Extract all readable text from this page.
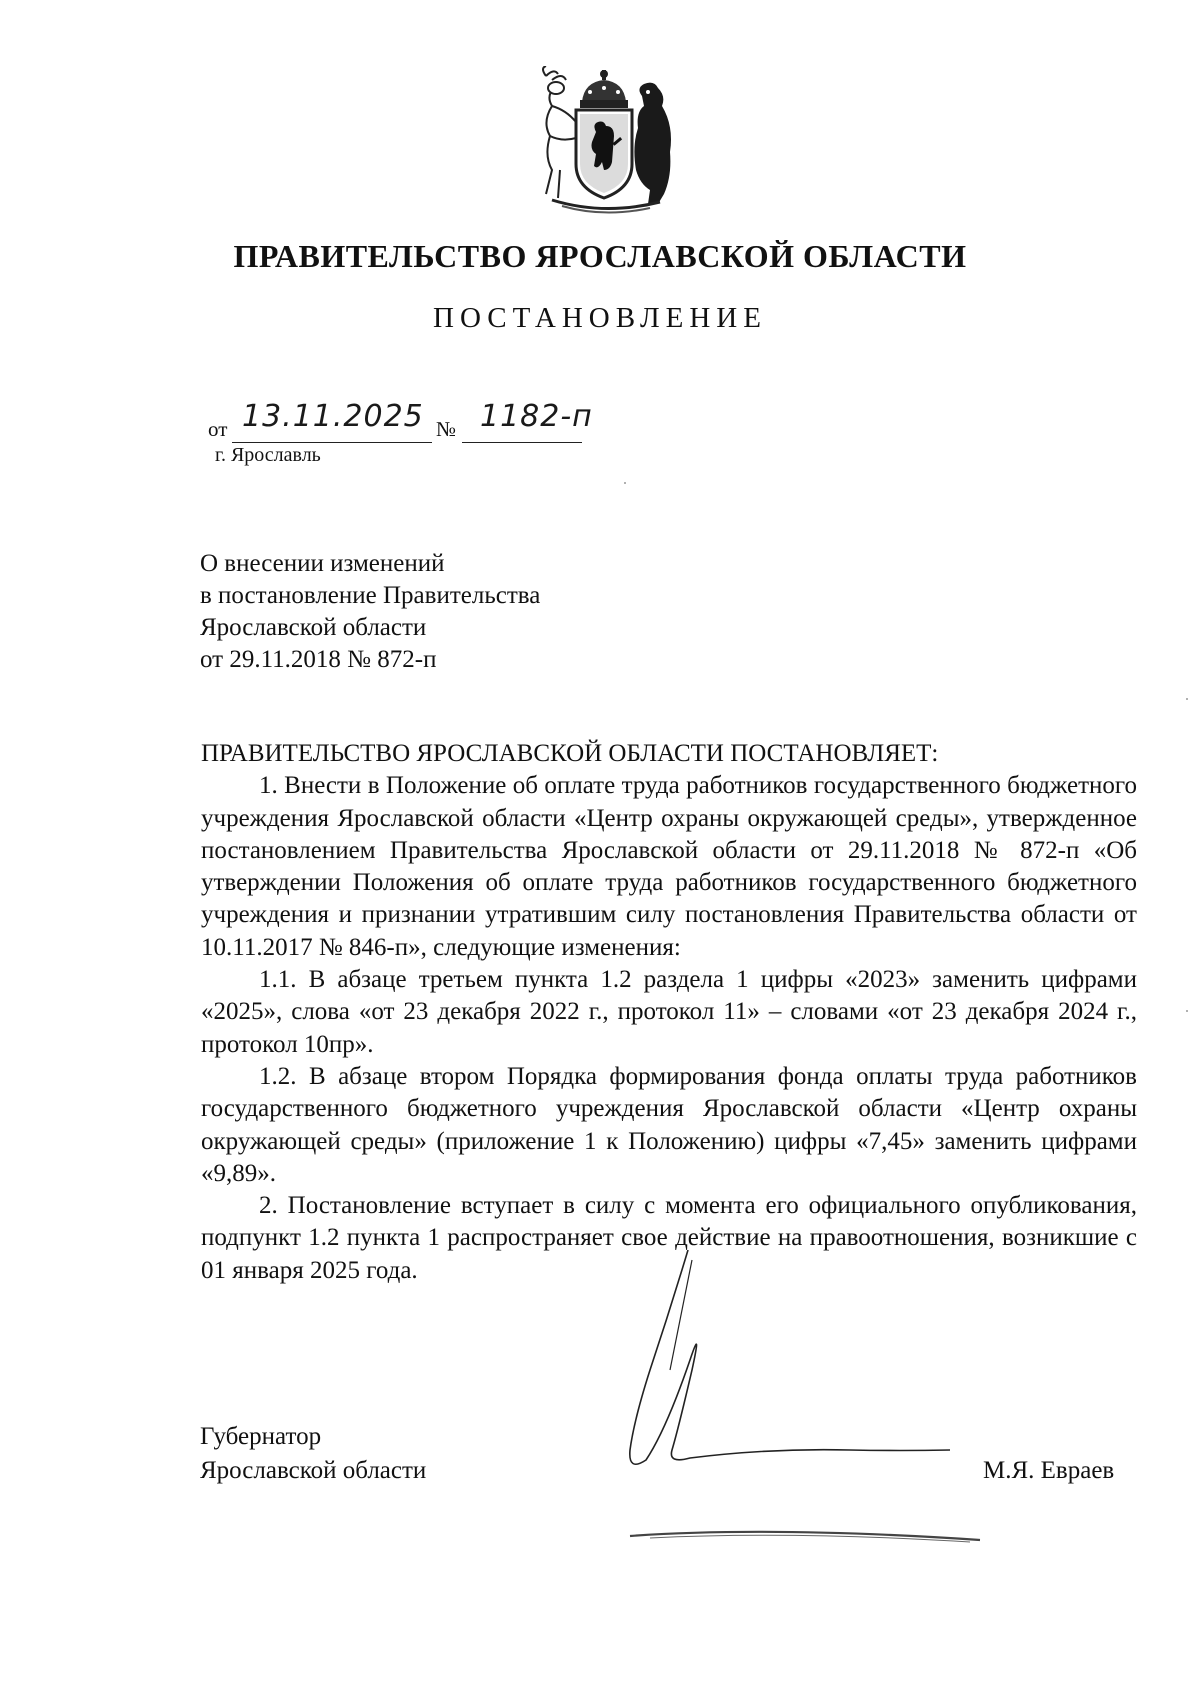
ПРАВИТЕЛЬСТВО ЯРОСЛАВСКОЙ ОБЛАСТИ
ПОСТАНОВЛЕНИЕ
от 13.11.2025 № 1182-п
г. Ярославль
О внесении изменений
в постановление Правительства
Ярославской области
от 29.11.2018 № 872-п
ПРАВИТЕЛЬСТВО ЯРОСЛАВСКОЙ ОБЛАСТИ ПОСТАНОВЛЯЕТ:

1. Внести в Положение об оплате труда работников государственного бюджетного учреждения Ярославской области «Центр охраны окружающей среды», утвержденное постановлением Правительства Ярославской области от 29.11.2018 № 872-п «Об утверждении Положения об оплате труда работников государственного бюджетного учреждения и признании утратившим силу постановления Правительства области от 10.11.2017 № 846-п», следующие изменения:

1.1. В абзаце третьем пункта 1.2 раздела 1 цифры «2023» заменить цифрами «2025», слова «от 23 декабря 2022 г., протокол 11» – словами «от 23 декабря 2024 г., протокол 10пр».

1.2. В абзаце втором Порядка формирования фонда оплаты труда работников государственного бюджетного учреждения Ярославской области «Центр охраны окружающей среды» (приложение 1 к Положению) цифры «7,45» заменить цифрами «9,89».

2. Постановление вступает в силу с момента его официального опубликования, подпункт 1.2 пункта 1 распространяет свое действие на правоотношения, возникшие с 01 января 2025 года.

Губернатор
Ярославской области	М.Я. Евраев
